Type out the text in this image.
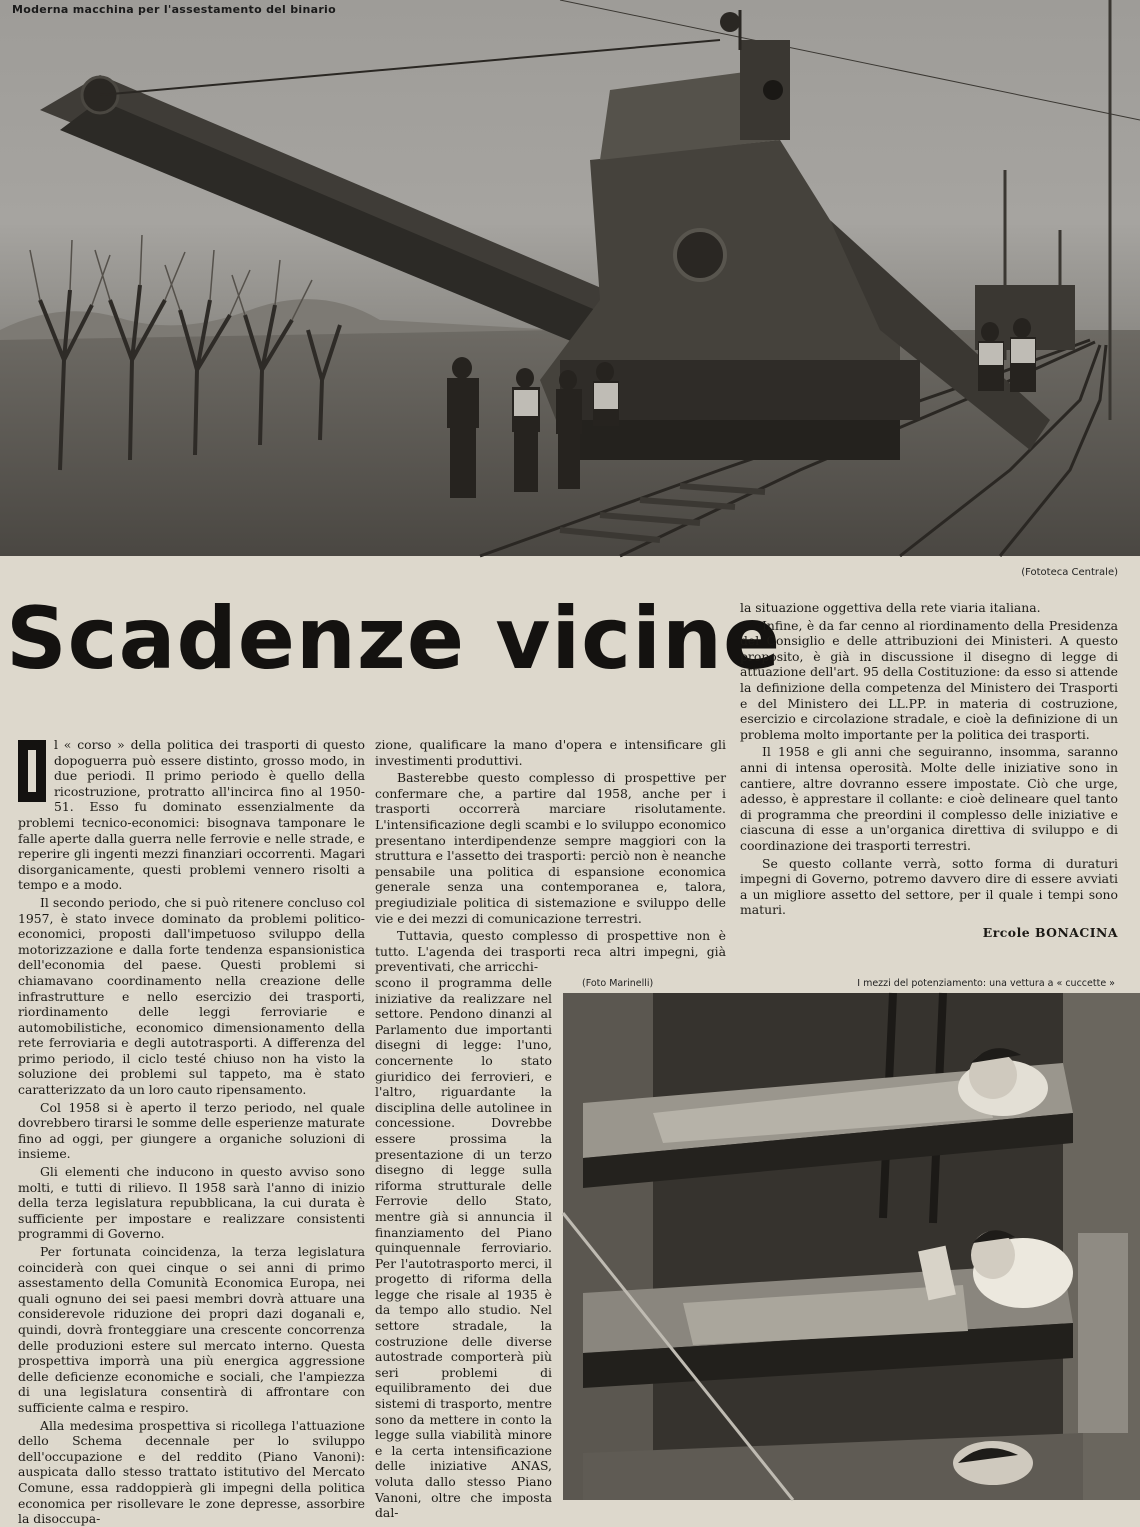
Moderna macchina per l'assestamento del binario
(Fototeca Centrale)
Scadenze vicine

l « corso » della politica dei trasporti di questo dopoguerra può essere distinto, grosso modo, in due periodi. Il primo periodo è quello della ricostruzione, protratto all'incirca fino al 1950-51. Esso fu dominato essenzialmente da problemi tecnico-economici: bisognava tamponare le falle aperte dalla guerra nelle ferrovie e nelle strade, e reperire gli ingenti mezzi finanziari occorrenti. Magari disorganicamente, questi problemi vennero risolti a tempo e a modo.

Il secondo periodo, che si può ritenere concluso col 1957, è stato invece dominato da problemi politico-economici, proposti dall'impetuoso sviluppo della motorizzazione e dalla forte tendenza espansionistica dell'economia del paese. Questi problemi si chiamavano coordinamento nella creazione delle infrastrutture e nello esercizio dei trasporti, riordinamento delle leggi ferroviarie e automobilistiche, economico dimensionamento della rete ferroviaria e degli autotrasporti. A differenza del primo periodo, il ciclo testé chiuso non ha visto la soluzione dei problemi sul tappeto, ma è stato caratterizzato da un loro cauto ripensamento.

Col 1958 si è aperto il terzo periodo, nel quale dovrebbero tirarsi le somme delle esperienze maturate fino ad oggi, per giungere a organiche soluzioni di insieme.

Gli elementi che inducono in questo avviso sono molti, e tutti di rilievo. Il 1958 sarà l'anno di inizio della terza legislatura repubblicana, la cui durata è sufficiente per impostare e realizzare consistenti programmi di Governo.

Per fortunata coincidenza, la terza legislatura coinciderà con quei cinque o sei anni di primo assestamento della Comunità Economica Europa, nei quali ognuno dei sei paesi membri dovrà attuare una considerevole riduzione dei propri dazi doganali e, quindi, dovrà fronteggiare una crescente concorrenza delle produzioni estere sul mercato interno. Questa prospettiva imporrà una più energica aggressione delle deficienze economiche e sociali, che l'ampiezza di una legislatura consentirà di affrontare con sufficiente calma e respiro.

Alla medesima prospettiva si ricollega l'attuazione dello Schema decennale per lo sviluppo dell'occupazione e del reddito (Piano Vanoni): auspicata dallo stesso trattato istitutivo del Mercato Comune, essa raddoppierà gli impegni della politica economica per risollevare le zone depresse, assorbire la disoccupa-

zione, qualificare la mano d'opera e intensificare gli investimenti produttivi.

Basterebbe questo complesso di prospettive per confermare che, a partire dal 1958, anche per i trasporti occorrerà marciare risolutamente. L'intensificazione degli scambi e lo sviluppo economico presentano interdipendenze sempre maggiori con la struttura e l'assetto dei trasporti: perciò non è neanche pensabile una politica di espansione economica generale senza una contemporanea e, talora, pregiudiziale politica di sistemazione e sviluppo delle vie e dei mezzi di comunicazione terrestri.

Tuttavia, questo complesso di prospettive non è tutto. L'agenda dei trasporti reca altri impegni, già preventivati, che arricchi-

scono il programma delle iniziative da realizzare nel settore. Pendono dinanzi al Parlamento due importanti disegni di legge: l'uno, concernente lo stato giuridico dei ferrovieri, e l'altro, riguardante la disciplina delle autolinee in concessione. Dovrebbe essere prossima la presentazione di un terzo disegno di legge sulla riforma strutturale delle Ferrovie dello Stato, mentre già si annuncia il finanziamento del Piano quinquennale ferroviario. Per l'autotrasporto merci, il progetto di riforma della legge che risale al 1935 è da tempo allo studio. Nel settore stradale, la costruzione delle diverse autostrade comporterà più seri problemi di equilibramento dei due sistemi di trasporto, mentre sono da mettere in conto la legge sulla viabilità minore e la certa intensificazione delle iniziative ANAS, voluta dallo stesso Piano Vanoni, oltre che imposta dal-

la situazione oggettiva della rete viaria italiana.

Infine, è da far cenno al riordinamento della Presidenza del Consiglio e delle attribuzioni dei Ministeri. A questo proposito, è già in discussione il disegno di legge di attuazione dell'art. 95 della Costituzione: da esso si attende la definizione della competenza del Ministero dei Trasporti e del Ministero dei LL.PP. in materia di costruzione, esercizio e circolazione stradale, e cioè la definizione di un problema molto importante per la politica dei trasporti.

Il 1958 e gli anni che seguiranno, insomma, saranno anni di intensa operosità. Molte delle iniziative sono in cantiere, altre dovranno essere impostate. Ciò che urge, adesso, è apprestare il collante: e cioè delineare quel tanto di programma che preordini il complesso delle iniziative e ciascuna di esse a un'organica direttiva di sviluppo e di coordinazione dei trasporti terrestri.

Se questo collante verrà, sotto forma di duraturi impegni di Governo, potremo davvero dire di essere avviati a un migliore assetto del settore, per il quale i tempi sono maturi.

Ercole BONACINA
(Foto Marinelli)	I mezzi del potenziamento: una vettura a « cuccette »
